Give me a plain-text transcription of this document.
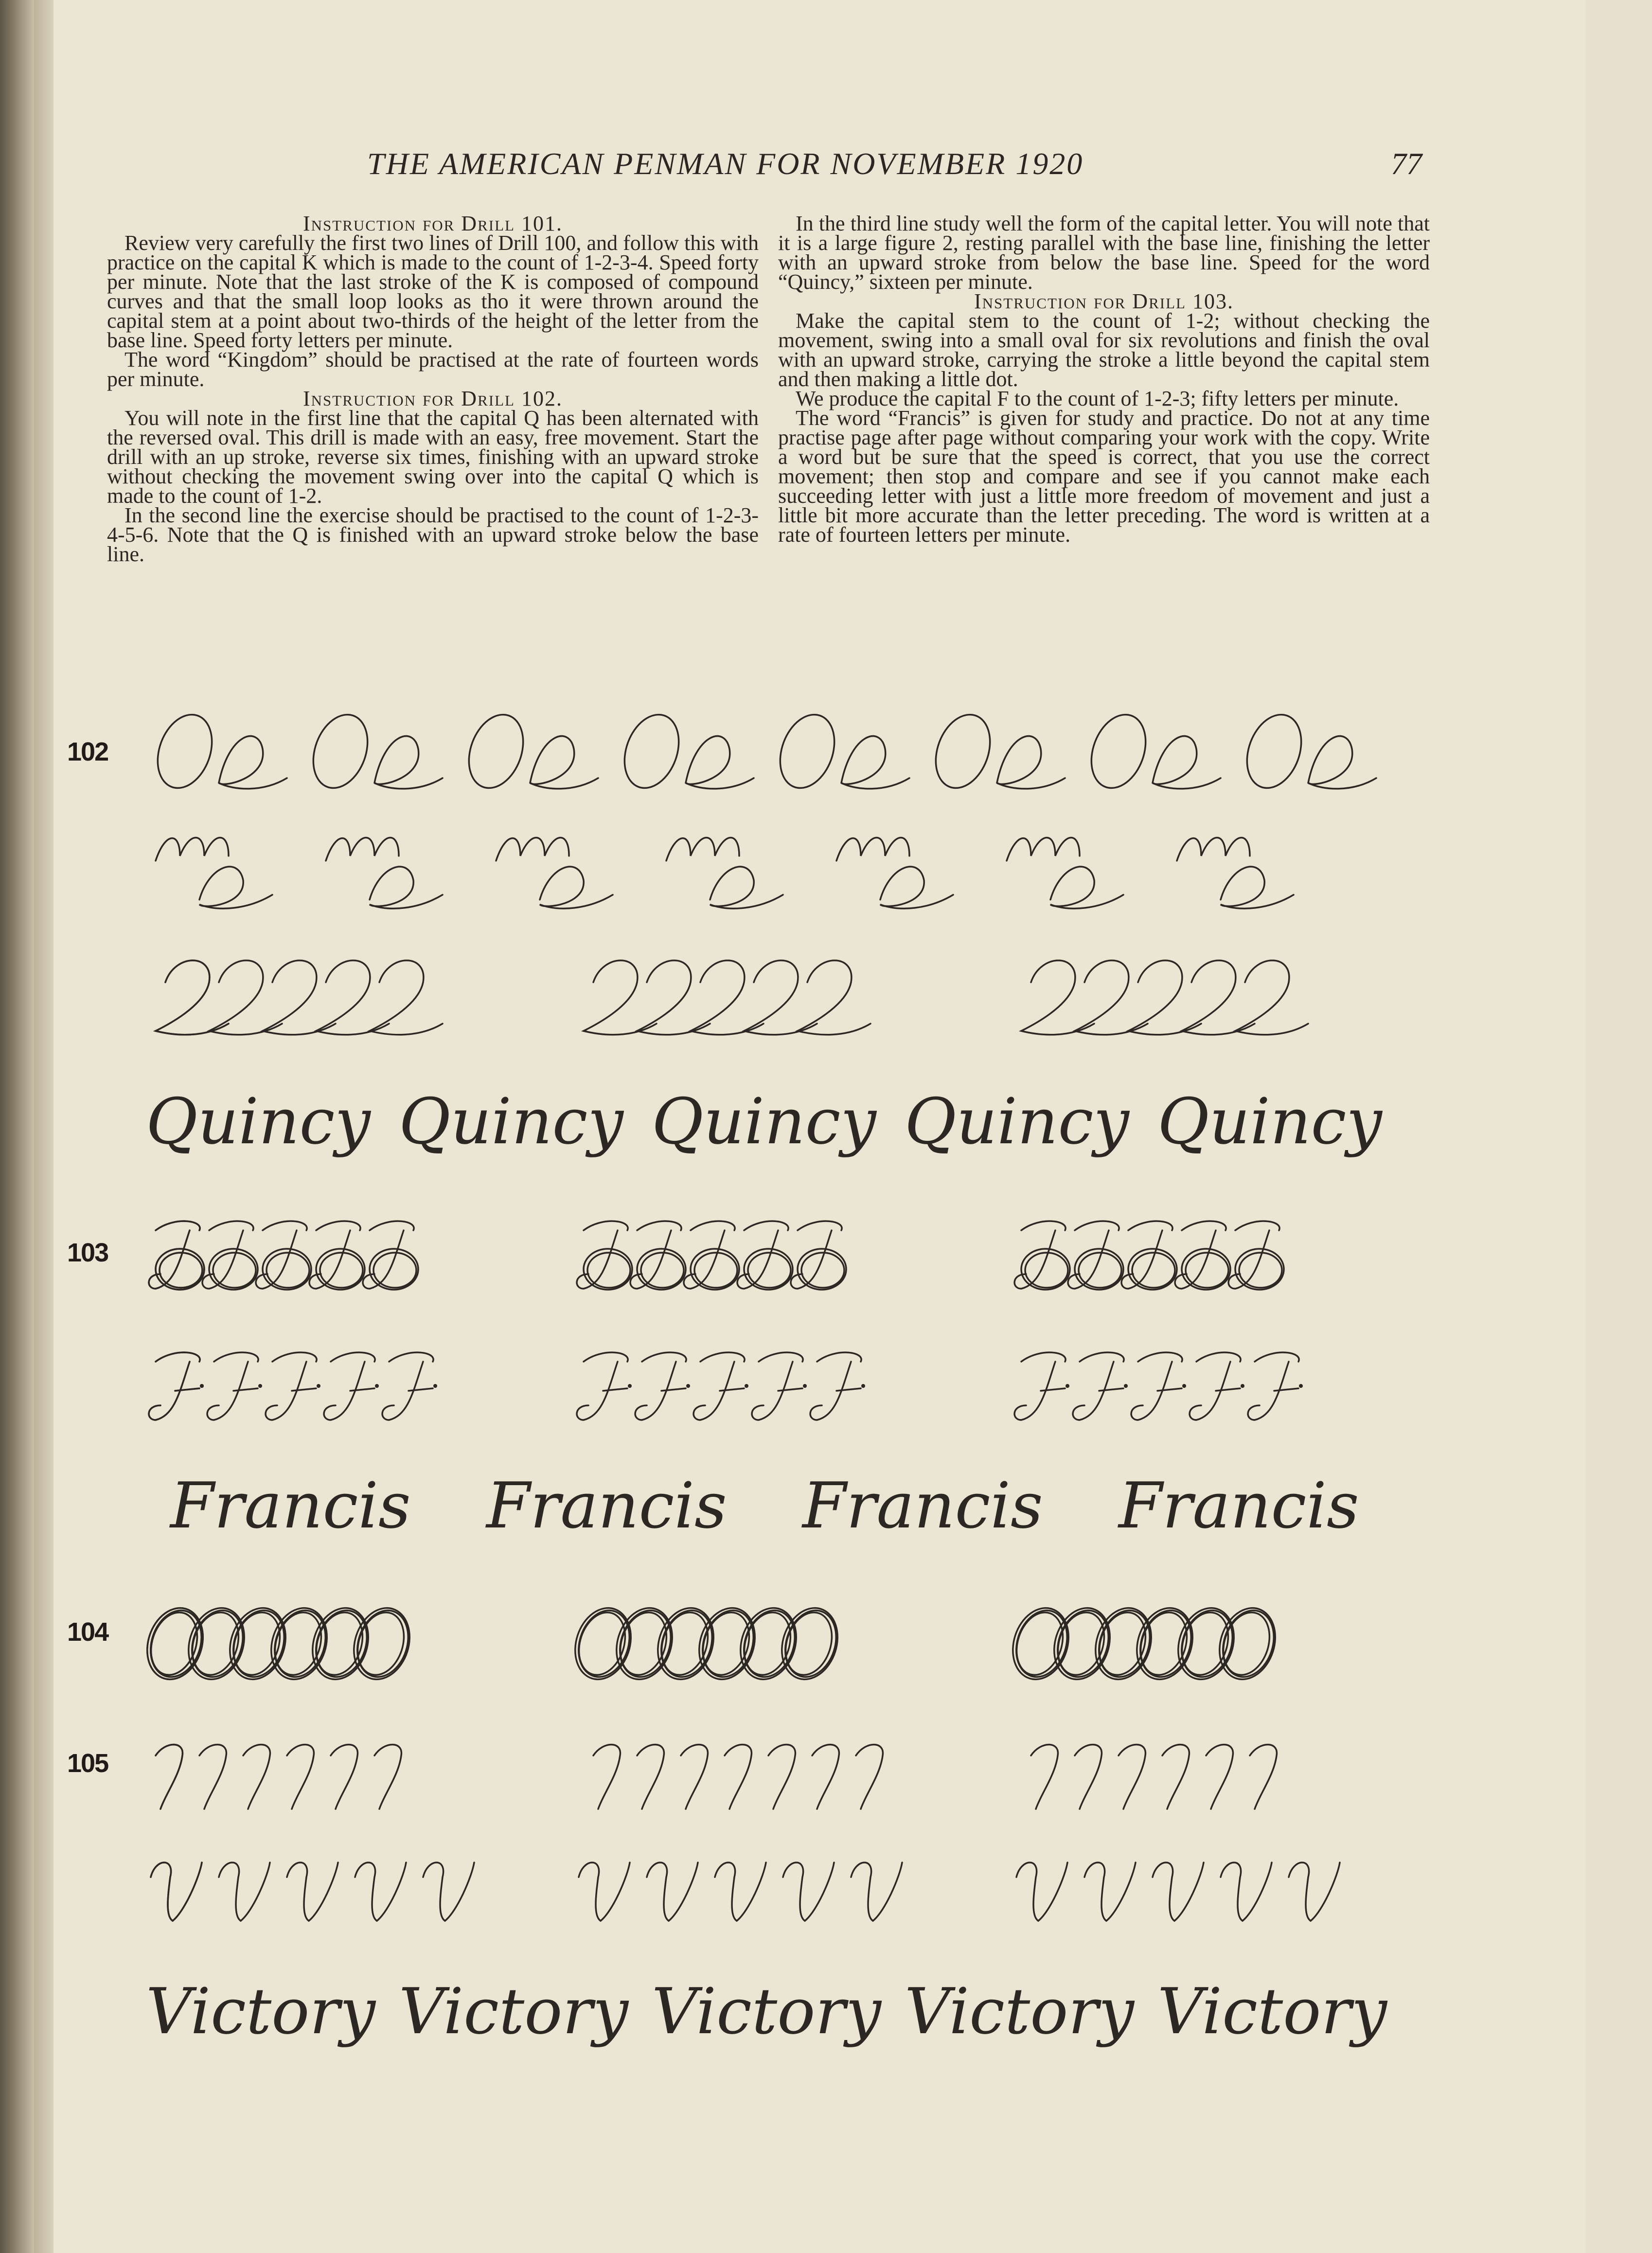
THE AMERICAN PENMAN FOR NOVEMBER 1920	77
Instruction for Drill 101.

Review very carefully the first two lines of Drill 100, and follow this with practice on the capital K which is made to the count of 1-2-3-4. Speed forty per minute. Note that the last stroke of the K is composed of compound curves and that the small loop looks as tho it were thrown around the capital stem at a point about two-thirds of the height of the letter from the base line. Speed forty letters per minute.

The word “Kingdom” should be practised at the rate of fourteen words per minute.

Instruction for Drill 102.

You will note in the first line that the capital Q has been alternated with the reversed oval. This drill is made with an easy, free movement. Start the drill with an up stroke, reverse six times, finishing with an upward stroke without checking the movement swing over into the capital Q which is made to the count of 1-2.

In the second line the exercise should be practised to the count of 1-2-3-4-5-6. Note that the Q is finished with an upward stroke below the base line.

In the third line study well the form of the capital letter. You will note that it is a large figure 2, resting parallel with the base line, finishing the letter with an upward stroke from below the base line. Speed for the word “Quincy,” sixteen per minute.

Instruction for Drill 103.

Make the capital stem to the count of 1-2; without checking the movement, swing into a small oval for six revolutions and finish the oval with an upward stroke, carrying the stroke a little beyond the capital stem and then making a little dot.

We produce the capital F to the count of 1-2-3; fifty letters per minute.

The word “Francis” is given for study and practice. Do not at any time practise page after page without comparing your work with the copy. Write a word but be sure that the speed is correct, that you use the correct movement; then stop and compare and see if you cannot make each succeeding letter with just a little more freedom of movement and just a little bit more accurate than the letter preceding. The word is written at a rate of fourteen letters per minute.

102
103
104
105
Quincy Quincy Quincy Quincy Quincy
Francis Francis Francis Francis
Victory Victory Victory Victory Victory
